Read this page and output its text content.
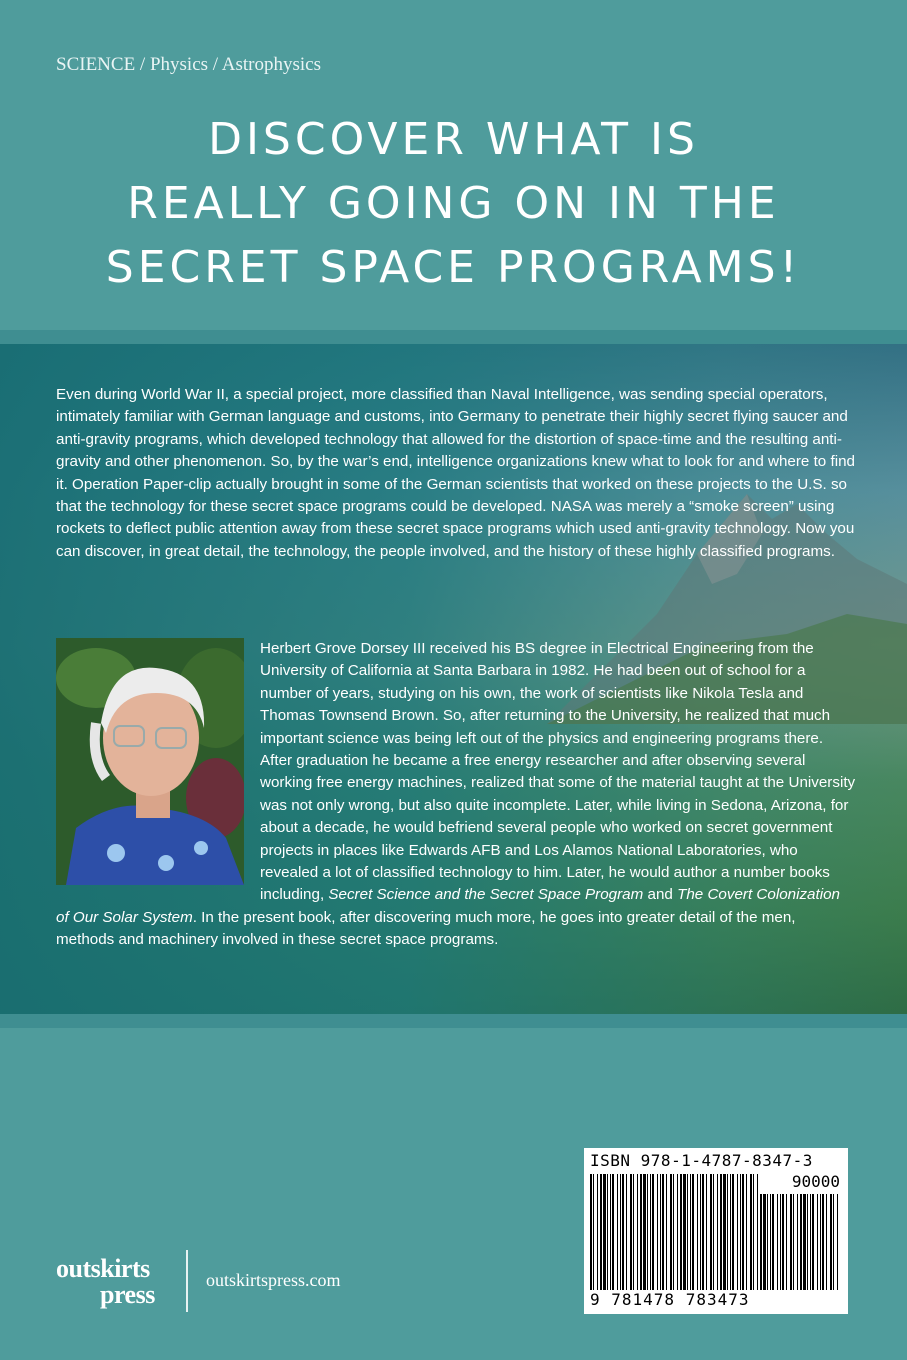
SCIENCE / Physics / Astrophysics
DISCOVER WHAT IS
REALLY GOING ON IN THE
SECRET SPACE PROGRAMS!

Even during World War II, a special project, more classified than Naval Intelligence, was sending special operators, intimately familiar with German language and customs, into Germany to penetrate their highly secret flying saucer and anti-gravity programs, which developed technology that allowed for the distortion of space-time and the resulting anti-gravity and other phenomenon. So, by the war’s end, intelligence organizations knew what to look for and where to find it. Operation Paper-clip actually brought in some of the German scientists that worked on these projects to the U.S. so that the technology for these secret space programs could be developed. NASA was merely a “smoke screen” using rockets to deflect public attention away from these secret space programs which used anti-gravity technology. Now you can discover, in great detail, the technology, the people involved, and the history of these highly classified programs.

Herbert Grove Dorsey III received his BS degree in Electrical Engineering from the University of California at Santa Barbara in 1982. He had been out of school for a number of years, studying on his own, the work of scientists like Nikola Tesla and Thomas Townsend Brown. So, after returning to the University, he realized that much important science was being left out of the physics and engineering programs there. After graduation he became a free energy researcher and after observing several working free energy machines, realized that some of the material taught at the University was not only wrong, but also quite incomplete. Later, while living in Sedona, Arizona, for about a decade, he would befriend several people who worked on secret government projects in places like Edwards AFB and Los Alamos National Laboratories, who revealed a lot of classified technology to him. Later, he would author a number books including, Secret Science and the Secret Space Program and The Covert Colonization of Our Solar System. In the present book, after discovering much more, he goes into greater detail of the men, methods and machinery involved in these secret space programs.

ISBN 978-1-4787-8347-3
90000
9 781478 783473
outskirts
press	outskirtspress.com
